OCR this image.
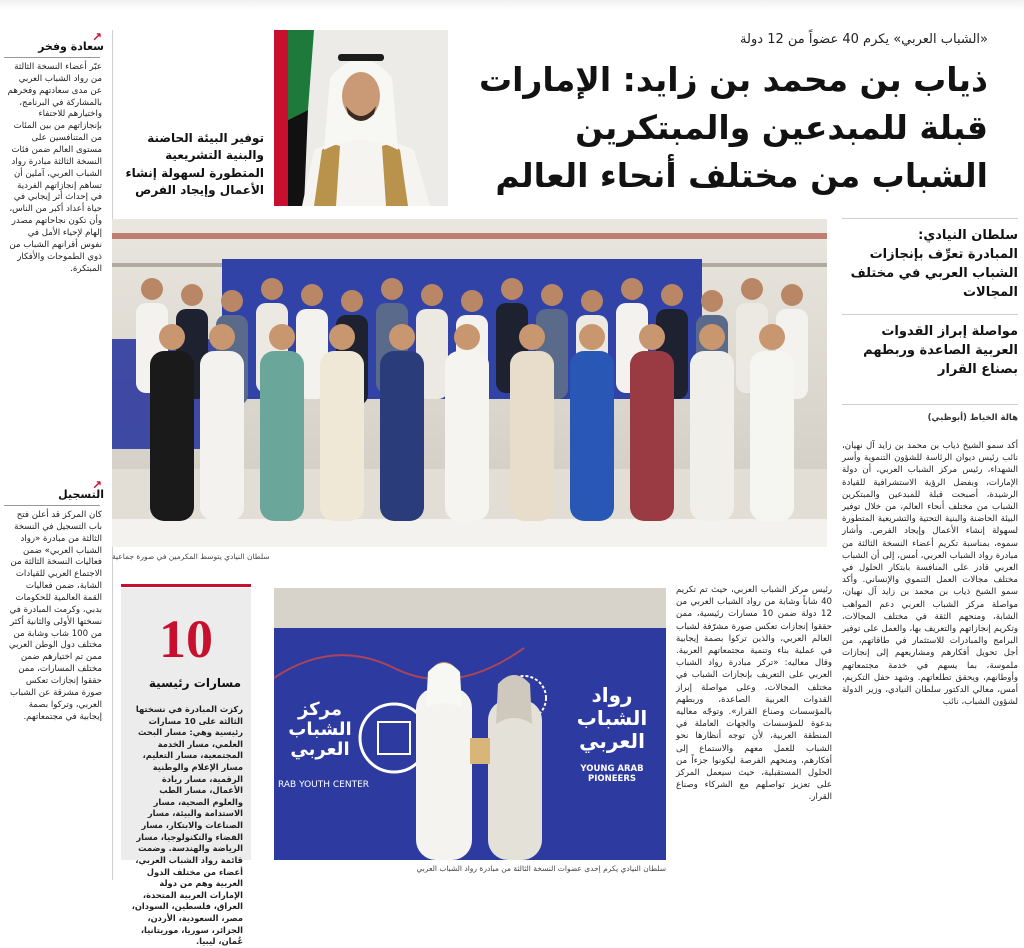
سعادة وفخر
↗
عبّر أعضاء النسخة الثالثة من رواد الشباب العربي عن مدى سعادتهم وفخرهم بالمشاركة في البرنامج، واختيارهم للاحتفاء بإنجازاتهم من بين المئات من المتنافسين على مستوى العالم ضمن فئات النسخة الثالثة مبادرة رواد الشباب العربي، آملين أن تساهم إنجازاتهم الفردية في إحداث أثر إيجابي في حياة أعداد أكبر من الناس، وأن تكون نجاحاتهم مصدر إلهام لإحياء الأمل في نفوس أقرانهم الشباب من ذوي الطموحات والأفكار المبتكرة.
التسجيل
↗
كان المركز قد أعلن فتح باب التسجيل في النسخة الثالثة من مبادرة «رواد الشباب العربي» ضمن فعاليات النسخة الثالثة من الاجتماع العربي للقيادات الشابة، ضمن فعاليات القمة العالمية للحكومات بدبي، وكرمت المبادرة في نسختها الأولى والثانية أكثر من 100 شاب وشابة من مختلف دول الوطن العربي ممن تم اختيارهم ضمن مختلف المسارات، ممن حققوا إنجازات تعكس صورة مشرقة عن الشباب العربي، وتركوا بصمة إيجابية في مجتمعاتهم.
«الشباب العربي» يكرم 40 عضواً من 12 دولة
ذياب بن محمد بن زايد: الإمارات قبلة للمبدعين والمبتكرين الشباب من مختلف أنحاء العالم
توفير البيئة الحاضنة والبنية التشريعية المتطورة لسهولة إنشاء الأعمال وإيجاد الفرص
سلطان النيادي يتوسط المكرمين في صورة جماعية
سلطان النيادي:
المبادرة تعرِّف بإنجازات الشباب العربي في مختلف المجالات
مواصلة إبراز القدوات العربية الصاعدة وربطهم بصناع القرار
هالة الخياط (أبوظبي)
أكد سمو الشيخ ذياب بن محمد بن زايد آل نهيان، نائب رئيس ديوان الرئاسة للشؤون التنموية وأسر الشهداء، رئيس مركز الشباب العربي، أن دولة الإمارات، وبفضل الرؤية الاستشرافية للقيادة الرشيدة، أصبحت قبلة للمبدعين والمبتكرين الشباب من مختلف أنحاء العالم، من خلال توفير البيئة الحاضنة والبنية التحتية والتشريعية المتطورة لسهولة إنشاء الأعمال وإيجاد الفرص. وأشار سموه، بمناسبة تكريم أعضاء النسخة الثالثة من مبادرة رواد الشباب العربي، أمس، إلى أن الشباب العربي قادر على المنافسة بابتكار الحلول في مختلف مجالات العمل التنموي والإنساني. وأكد سمو الشيخ ذياب بن محمد بن زايد آل نهيان، مواصلة مركز الشباب العربي دعم المواهب الشابة، ومنحهم الثقة في مختلف المجالات، وتكريم إنجازاتهم والتعريف بها، والعمل على توفير البرامج والمبادرات للاستثمار في طاقاتهم، من أجل تحويل أفكارهم ومشاريعهم إلى إنجازات ملموسة، بما يسهم في خدمة مجتمعاتهم وأوطانهم، ويحقق تطلعاتهم. وشهد حفل التكريم، أمس، معالي الدكتور سلطان النيادي، وزير الدولة لشؤون الشباب، نائب
10
مسارات رئيسية
ركزت المبادرة في نسختها الثالثة على 10 مسارات رئيسية وهي: مسار البحث العلمي، مسار الخدمة المجتمعية، مسار التعليم، مسار الإعلام والوطنية الرقمية، مسار ريادة الأعمال، مسار الطب والعلوم الصحية، مسار الاستدامة والبيئة، مسار الصناعات والابتكار، مسار الفضاء والتكنولوجيا، مسار الرياضة والهندسة. وضمت قائمة رواد الشباب العربي، أعضاء من مختلف الدول العربية وهم من دولة الإمارات العربية المتحدة، العراق، فلسطين، السودان، مصر، السعودية، الأردن، الجزائر، سوريا، موريتانيا، عُمان، ليبيا.
مركز الشباب العربي
RAB YOUTH CENTER
رواد الشباب العربي
YOUNG ARAB PIONEERS
سلطان النيادي يكرم إحدى عضوات النسخة الثالثة من مبادرة رواد الشباب العربي
رئيس مركز الشباب العربي، حيث تم تكريم 40 شاباً وشابة من رواد الشباب العربي من 12 دولة ضمن 10 مسارات رئيسية، ممن حققوا إنجازات تعكس صورة مشرّفة لشباب العالم العربي، والذين تركوا بصمة إيجابية في عملية بناء وتنمية مجتمعاتهم العربية. وقال معاليه: «تركز مبادرة رواد الشباب العربي على التعريف بإنجازات الشباب في مختلف المجالات، وعلى مواصلة إبراز القدوات العربية الصاعدة، وربطهم بالمؤسسات وصناع القرار». وتوجّه معاليه بدعوة للمؤسسات والجهات العاملة في المنطقة العربية، لأن توجه أنظارها نحو الشباب للعمل معهم والاستماع إلى أفكارهم، ومنحهم الفرصة ليكونوا جزءاً من الحلول المستقبلية، حيث سيعمل المركز على تعزيز تواصلهم مع الشركاء وصناع القرار.
